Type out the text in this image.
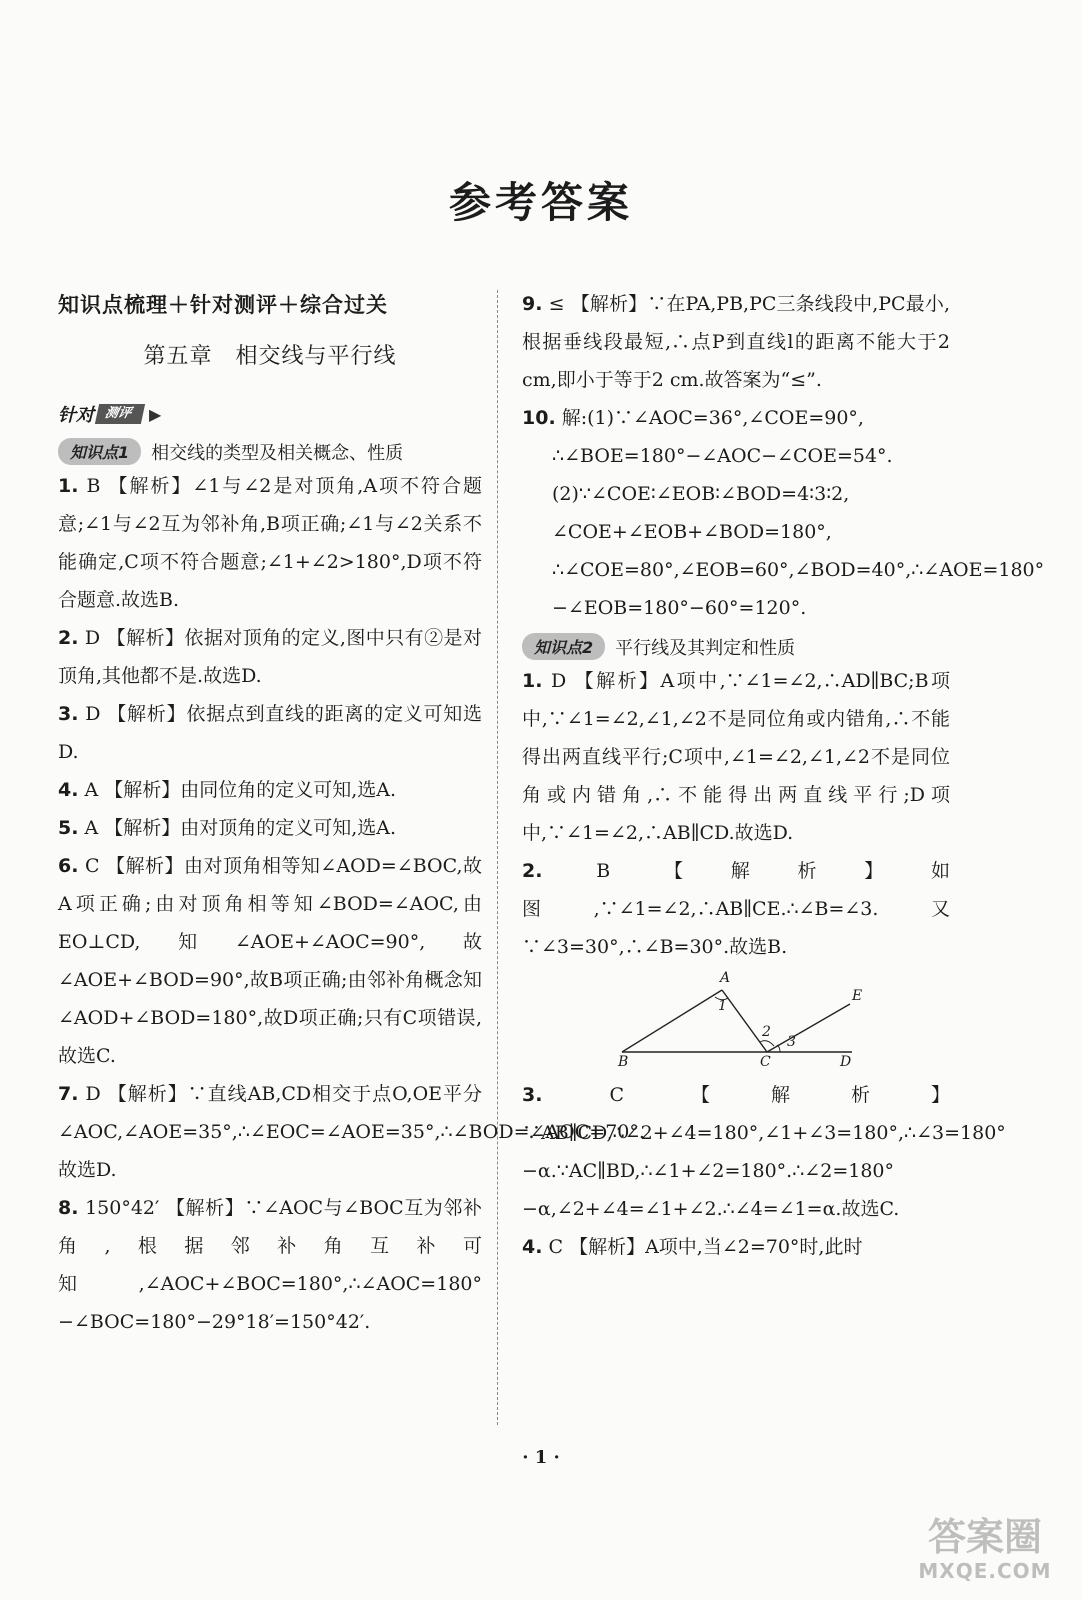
参考答案
知识点梳理＋针对测评＋综合过关
第五章　相交线与平行线
针对 测评	▶
知识点1	相交线的类型及相关概念、性质
1. B 【解析】∠1与∠2是对顶角,A项不符合题意;∠1与∠2互为邻补角,B项正确;∠1与∠2关系不能确定,C项不符合题意;∠1+∠2>180°,D项不符合题意.故选B.
2. D 【解析】依据对顶角的定义,图中只有②是对顶角,其他都不是.故选D.
3. D 【解析】依据点到直线的距离的定义可知选D.
4. A 【解析】由同位角的定义可知,选A.
5. A 【解析】由对顶角的定义可知,选A.
6. C 【解析】由对顶角相等知∠AOD=∠BOC,故A项正确;由对顶角相等知∠BOD=∠AOC,由EO⊥CD,知∠AOE+∠AOC=90°,故∠AOE+∠BOD=90°,故B项正确;由邻补角概念知∠AOD+∠BOD=180°,故D项正确;只有C项错误,故选C.
7. D 【解析】∵直线AB,CD相交于点O,OE平分∠AOC,∠AOE=35°,∴∠EOC=∠AOE=35°,∴∠BOD=∠AOC=70°.故选D.
8. 150°42′ 【解析】∵∠AOC与∠BOC互为邻补角,根据邻补角互补可知,∠AOC+∠BOC=180°,∴∠AOC=180°−∠BOC=180°−29°18′=150°42′.
9. ≤ 【解析】∵在PA,PB,PC三条线段中,PC最小,根据垂线段最短,∴点P到直线l的距离不能大于2 cm,即小于等于2 cm.故答案为“≤”.
10. 解:(1)∵∠AOC=36°,∠COE=90°,
∴∠BOE=180°−∠AOC−∠COE=54°.
(2)∵∠COE∶∠EOB∶∠BOD=4∶3∶2,
∠COE+∠EOB+∠BOD=180°,
∴∠COE=80°,∠EOB=60°,∠BOD=40°,∴∠AOE=180°−∠EOB=180°−60°=120°.
知识点2	平行线及其判定和性质
1. D 【解析】A项中,∵∠1=∠2,∴AD∥BC;B项中,∵∠1=∠2,∠1,∠2不是同位角或内错角,∴不能得出两直线平行;C项中,∠1=∠2,∠1,∠2不是同位角或内错角,∴不能得出两直线平行;D项中,∵∠1=∠2,∴AB∥CD.故选D.
2. B 【解析】如图,∵∠1=∠2,∴AB∥CE.∴∠B=∠3.又∵∠3=30°,∴∠B=30°.故选B.
A
1
E
2
3
B	C	D
3. C 【解析】∵AB∥CD,∴∠2+∠4=180°,∠1+∠3=180°,∴∠3=180°−α.∵AC∥BD,∴∠1+∠2=180°.∴∠2=180°−α,∠2+∠4=∠1+∠2.∴∠4=∠1=α.故选C.
4. C 【解析】A项中,当∠2=70°时,此时
· 1 ·
答案圈
MXQE.COM
